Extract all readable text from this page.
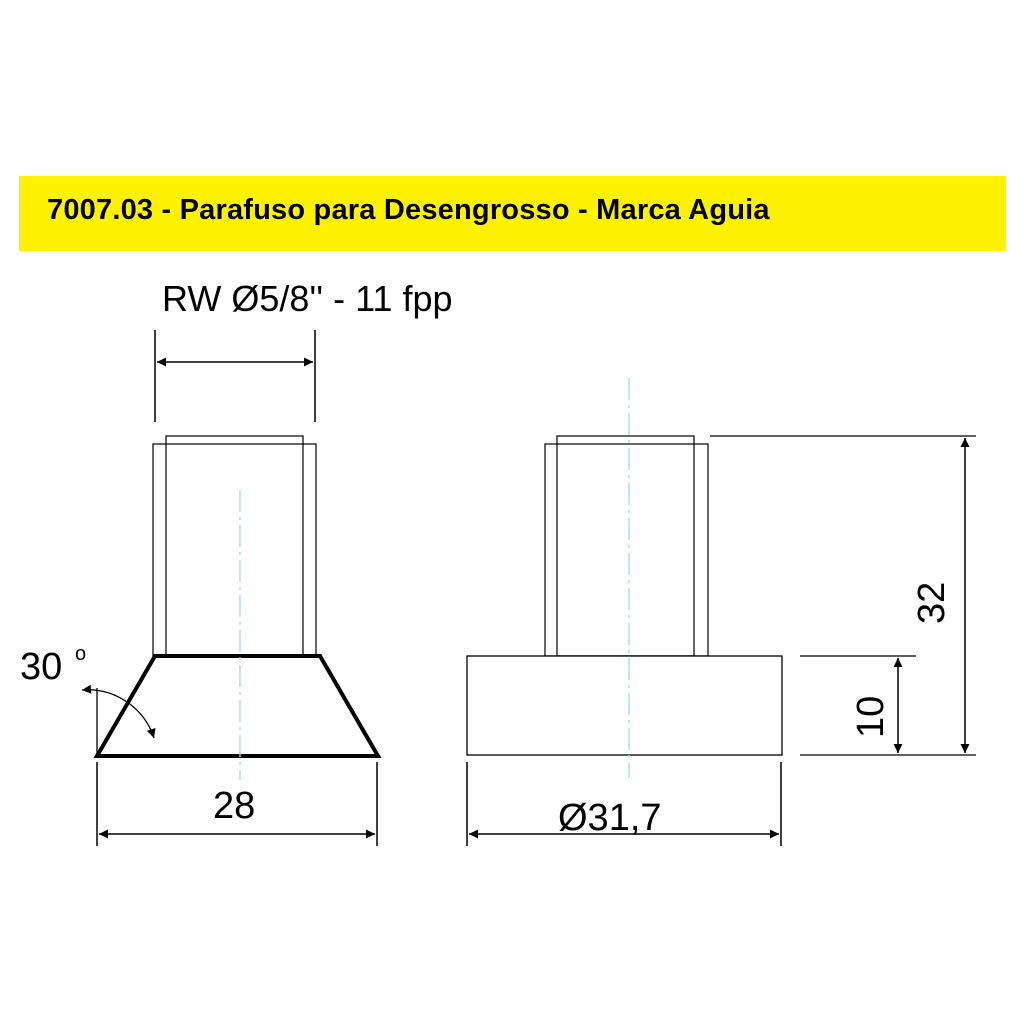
7007.03 - Parafuso para Desengrosso - Marca Aguia
RW Ø5/8'' - 11 fpp
30 o
28
32
10
Ø31,7
